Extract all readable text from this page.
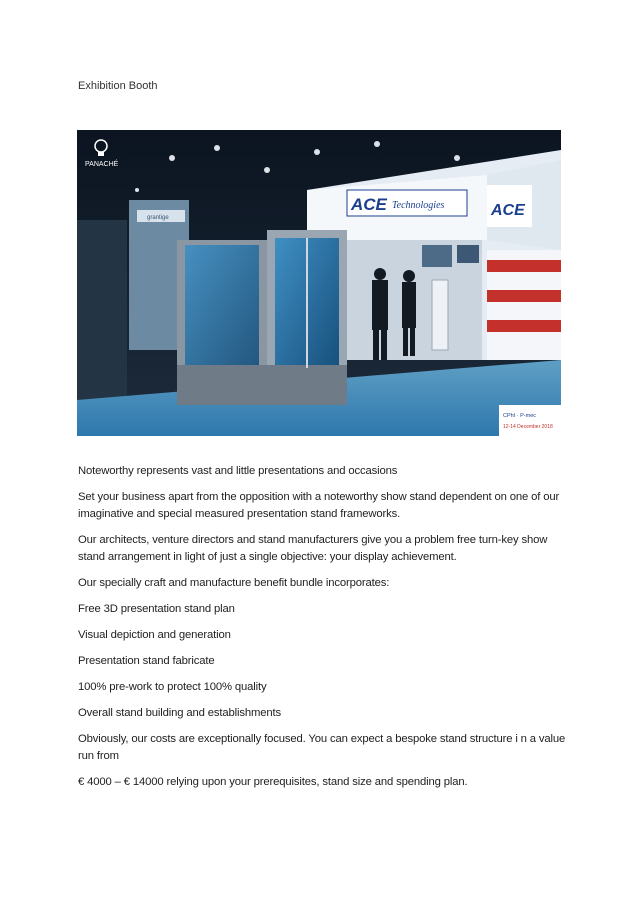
Exhibition Booth
grantige
ACE Technologies	ACE
PANACHÉ
CPhI · P-mec
12-14 December 2018

Noteworthy represents vast and little presentations and occasions

Set your business apart from the opposition with a noteworthy show stand dependent on one of our imaginative and special measured presentation stand frameworks.

Our architects, venture directors and stand manufacturers give you a problem free turn-key show stand arrangement in light of just a single objective: your display achievement.

Our specially craft and manufacture benefit bundle incorporates:

Free 3D presentation stand plan

Visual depiction and generation

Presentation stand fabricate

100% pre-work to protect 100% quality

Overall stand building and establishments

Obviously, our costs are exceptionally focused. You can expect a bespoke stand structure i n a value run from

€ 4000 – € 14000 relying upon your prerequisites, stand size and spending plan.
